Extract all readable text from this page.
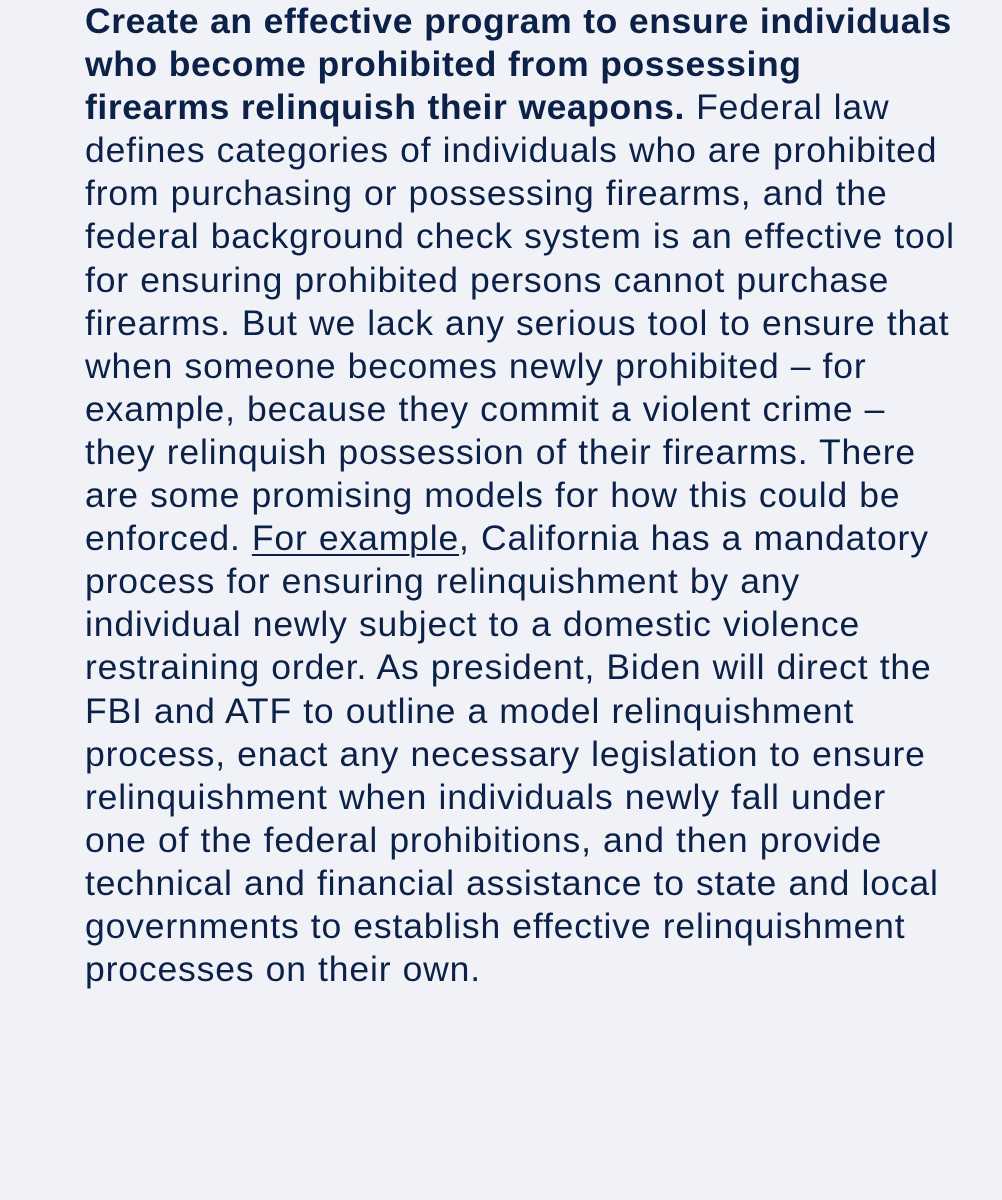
Create an effective program to ensure individuals who become prohibited from possessing firearms relinquish their weapons. Federal law defines categories of individuals who are prohibited from purchasing or possessing firearms, and the federal background check system is an effective tool for ensuring prohibited persons cannot purchase firearms. But we lack any serious tool to ensure that when someone becomes newly prohibited – for example, because they commit a violent crime – they relinquish possession of their firearms. There are some promising models for how this could be enforced. For example, California has a mandatory process for ensuring relinquishment by any individual newly subject to a domestic violence restraining order. As president, Biden will direct the FBI and ATF to outline a model relinquishment process, enact any necessary legislation to ensure relinquishment when individuals newly fall under one of the federal prohibitions, and then provide technical and financial assistance to state and local governments to establish effective relinquishment processes on their own.
